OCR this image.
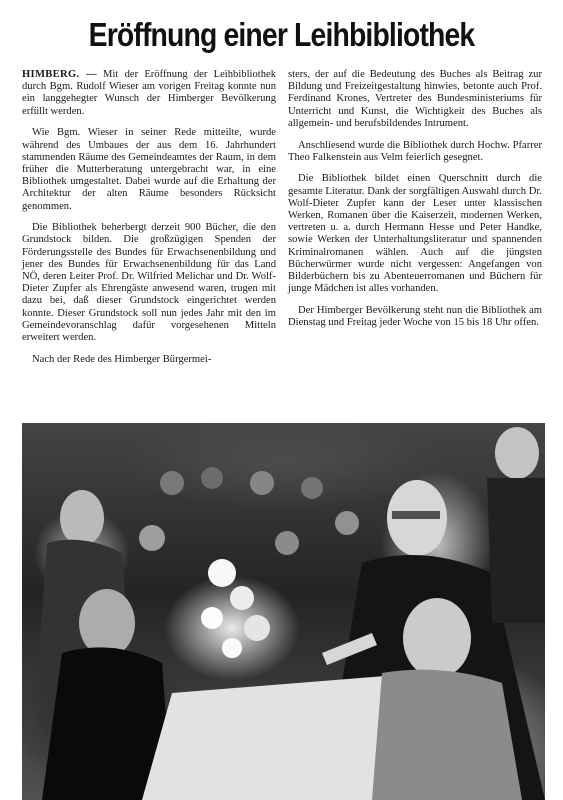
Eröffnung einer Leihbibliothek

HIMBERG. — Mit der Eröffnung der Leihbibliothek durch Bgm. Rudolf Wieser am vorigen Freitag konnte nun ein langgehegter Wunsch der Himberger Bevölkerung erfüllt werden.

Wie Bgm. Wieser in seiner Rede mitteilte, wurde während des Umbaues der aus dem 16. Jahrhundert stammenden Räume des Gemeindeamtes der Raum, in dem früher die Mutterberatung untergebracht war, in eine Bibliothek umgestaltet. Dabei wurde auf die Erhaltung der Architektur der alten Räume besonders Rücksicht genommen.

Die Bibliothek beherbergt derzeit 900 Bücher, die den Grundstock bilden. Die großzügigen Spenden der Förderungsstelle des Bundes für Erwachsenenbildung und jener des Bundes für Erwachsenenbildung für das Land NÖ, deren Leiter Prof. Dr. Wilfried Melichar und Dr. Wolf-Dieter Zupfer als Ehrengäste anwesend waren, trugen mit dazu bei, daß dieser Grundstock eingerichtet werden konnte. Dieser Grundstock soll nun jedes Jahr mit den im Gemeindevoranschlag dafür vorgesehenen Mitteln erweitert werden.

Nach der Rede des Himberger Bürgermei-

sters, der auf die Bedeutung des Buches als Beitrag zur Bildung und Freizeitgestaltung hinwies, betonte auch Prof. Ferdinand Krones, Vertreter des Bundesministeriums für Unterricht und Kunst, die Wichtigkeit des Buches als allgemein- und berufsbildendes Intrument.

Anschliesend wurde die Bibliothek durch Hochw. Pfarrer Theo Falkenstein aus Velm feierlich gesegnet.

Die Bibliothek bildet einen Querschnitt durch die gesamte Literatur. Dank der sorgfältigen Auswahl durch Dr. Wolf-Dieter Zupfer kann der Leser unter klassischen Werken, Romanen über die Kaiserzeit, modernen Werken, vertreten u. a. durch Hermann Hesse und Peter Handke, sowie Werken der Unterhaltungsliteratur und spannenden Kriminalromanen wählen. Auch auf die jüngsten Bücherwürmer wurde nicht vergessen: Angefangen von Bilderbüchern bis zu Abenteuerromanen und Büchern für junge Mädchen ist alles vorhanden.

Der Himberger Bevölkerung steht nun die Bibliothek am Dienstag und Freitag jeder Woche von 15 bis 18 Uhr offen.
